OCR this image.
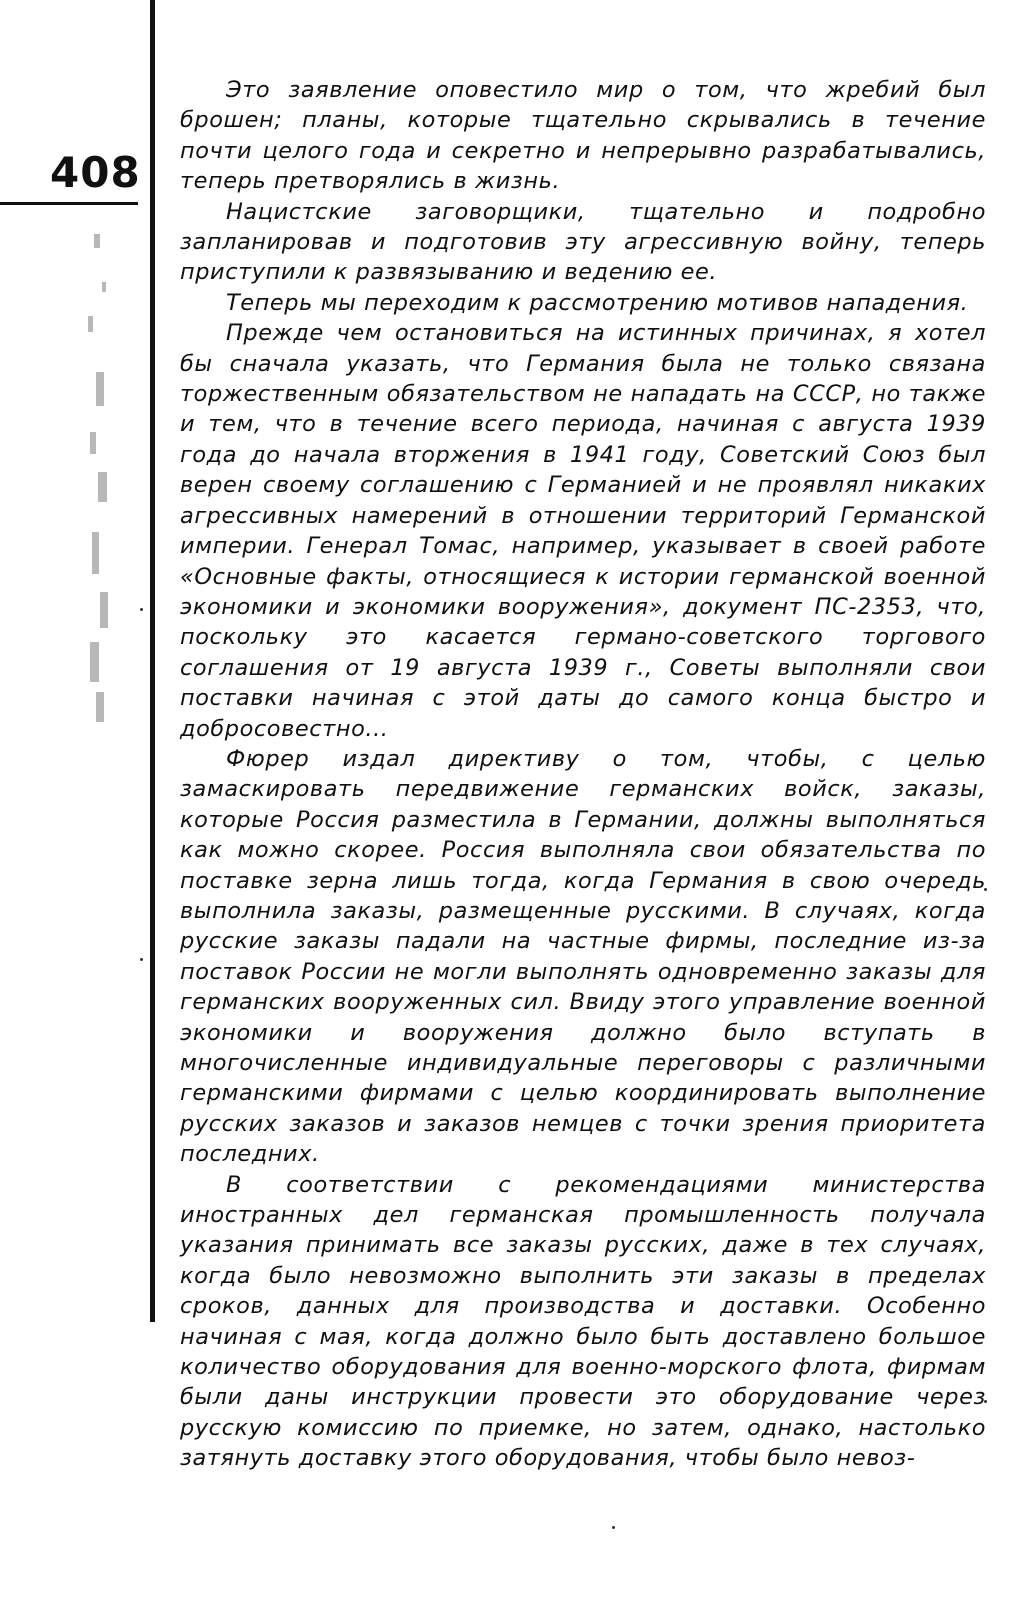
408

Это заявление оповестило мир о том, что жребий был брошен; планы, которые тщательно скрывались в течение почти целого года и секретно и непрерывно разрабатывались, теперь претворялись в жизнь.

Нацистские заговорщики, тщательно и подробно запланировав и подготовив эту агрессивную войну, теперь приступили к развязыванию и ведению ее.

Теперь мы переходим к рассмотрению мотивов нападения.

Прежде чем остановиться на истинных причинах, я хотел бы сначала указать, что Германия была не только связана торжественным обязательством не нападать на СССР, но также и тем, что в течение всего периода, начиная с августа 1939 года до начала вторжения в 1941 году, Советский Союз был верен своему соглашению с Германией и не проявлял никаких агрессивных намерений в отношении территорий Германской империи. Генерал Томас, например, указывает в своей работе «Основные факты, относящиеся к истории германской военной экономики и экономики вооружения», документ ПС-2353, что, поскольку это касается германо-советского торгового соглашения от 19 августа 1939 г., Советы выполняли свои поставки начиная с этой даты до самого конца быстро и добросовестно...

Фюрер издал директиву о том, чтобы, с целью замаскировать передвижение германских войск, заказы, которые Россия разместила в Германии, должны выполняться как можно скорее. Россия выполняла свои обязательства по поставке зерна лишь тогда, когда Германия в свою очередь выполнила заказы, размещенные русскими. В случаях, когда русские заказы падали на частные фирмы, последние из-за поставок России не могли выполнять одновременно заказы для германских вооруженных сил. Ввиду этого управление военной экономики и вооружения должно было вступать в многочисленные индивидуальные переговоры с различными германскими фирмами с целью координировать выполнение русских заказов и заказов немцев с точки зрения приоритета последних.

В соответствии с рекомендациями министерства иностранных дел германская промышленность получала указания принимать все заказы русских, даже в тех случаях, когда было невозможно выполнить эти заказы в пределах сроков, данных для производства и доставки. Особенно начиная с мая, когда должно было быть доставлено большое количество оборудования для военно-морского флота, фирмам были даны инструкции провести это оборудование через русскую комиссию по приемке, но затем, однако, настолько затянуть доставку этого оборудования, чтобы было невоз-
